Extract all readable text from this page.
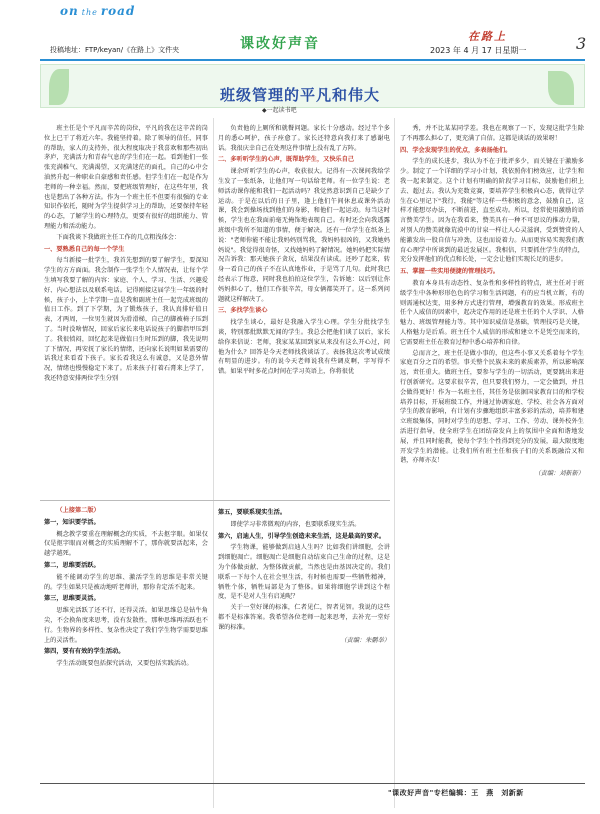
on the road
投稿地址：FTP/keyan/《在路上》文件夹	课改好声音	在路上
2023 年 4 月 17 日星期一	3
班级管理的平凡和伟大
◆一起读书吧

班主任是个平凡而辛苦的岗位，平凡的我在这辛苦的岗位上已干了将近六年。我能坚持着。除了领导的信任，同事的帮助，家人的支持外，很大程度取决于我喜欢和那些初出茅庐，充满活力和青春气息的学生们在一起。看到他们一张张充满稚气、充满渴望，又充满迷茫的面孔，自己的心中会油然升起一种职业自豪感和责任感。但学生们在一起是作为老师的一种幸福。然而，要把班级管理好，在这些年里，我也是想出了各种方法。作为一个班主任不但要有很强的专业知识作依托，随时为学生提供学习上的帮助，还要保持年轻的心态，了解学生的心理特点，更要有很好的组织能力、管理能力和活动能力。

下面我谈下我做班主任工作的几点粗浅体会：

一、要熟悉自己的每一个学生

每当新接一批学生，我首先想到的要了解学生，要深知学生的方方面面。我会制作一张学生个人情况表，让每个学生填写我要了解的内容：家庭、个人、学习、生活、兴趣爱好、内心想法以及联系电话。记得刚接这届学生一年级的时候，孩子小，上半学期一直是我和副班主任一起完成班级的值日工作。到了下学期，为了锻炼孩子，我认真排好值日表，才两周，一位男生就因为滑滑梯，自己的脚被椅子压到了。当时没啥情况，回家后家长来电话说孩子的脚指甲压到了。我很愤闷，回忆起来是做值日生时压到的脚，我先说明了下情况，再安抚了家长的情绪，还向家长说明如果需要的话我过来看看下孩子。家长看我这么有诚意，又是意外情况，情绪也慢慢稳定下来了。后来孩子打着石膏来上学了，我还特意安排两位学生分别

负责他的上厕所和就餐问题。家长十分感动。经过半个多月的悉心呵护，孩子痊愈了。家长还特意向我打来了感谢电话。我很庆幸自己在处理这件事情上没有乱了方阵。

二、多听听学生的心声，既帮助学生，又快乐自己

课余听听学生的心声，收获很大。记得有一次课间我给学生发了一张纸条，让他们写一句话给老师。有一位学生说：老师活动课你能和我们一起活动吗？我觉然意识到自己是缺少了运动。于是在以后的日子里，逢上他们午间休息或课外活动课，我会到操场找到他们的身影，和他们一起运动。每当这时候，学生也在我面前毫无掩饰地表现自己。有时还会向我透露班级中我所不知道的事情，便于解决。还有一位学生在纸条上说："老师你能不能让我妈妈别骂我，我妈妈很凶的，又我她妈妈说"。我觉得很奇怪，又找她妈妈了解情况。她妈妈把实际情况告诉我：那天她孩子贪玩，结果没有读成。还吵了起来，转身一看自己的孩子不在认真地作业，于是骂了几句。此时我已经表示了悔意，同时我也拍拍这位学生，告诉她：以后别让你妈妈担心了，他们工作很辛苦，母女俩都笑开了。这一系列问题就这样解决了。

三、多找学生谈心

找学生谈心，最好是我融入学生心理。学生分批找学生谈，特别那批默默无闻的学生。我总会把他们谈了以后，家长给你来信说：老师，我家某某回到家从来没有这么开心过，问他为什么？回答是今天老师找我谈话了。表扬我这次考试成绩有明显的进步。有的说今天老师说我有些调皮啊，字写得不错。如果平时多花点时间在学习英语上，你将很优

秀，并不比某某同学差。我也在观察了一下，发现这批学生除了不再那么担心了，更充满了自信。这都是谈话的效果呀！

四、学会发现学生的优点，多表扬他们。

学生的成长进步，我认为不在于批评多少，而关键在于激励多少。制定了一个详细的学习小计划，我依照你们榜效应，让学生和我一起来制定。这个计划有明确的阶段学习目标，鼓励他们积上去、超过去。我认为充数竞赛，要培养学生积极向心态，就得让学生在心里记下"我行，我能"等这样一些积极的意念，鼓励自己，这样才能想尽办法，不断前进，直至成功。所以，经常使用激励的语言赞美学生。因为在我看来，赞美具有一种不可思议的推动力量，对别人的赞美就像荒漠中的甘泉一样让人心灵滋润，受到赞赏的人能激发出一股自信与冲劲，这也而说着力。从而更容易实现我们教育心理学中所谈到的最近发展区。我相信，只要抓住学生的特点，充分发挥他们的优点和长处，一定会让他们实现长足的进步。

五、掌握一些实用便捷的管理技巧。

教育本身具有动态性、复杂性和多样性的特点，班主任对于班级学生中各种形形色色的学习和生活问题，有的应当机立断，有的则需通权达变，用多种方式进行管理，增强教育的效果。形成班主任个人威信的因素中，起决定作用的还是班主任的个人学识、人格魅力、班级管理能力等。其中知识威信是基础，管理技巧是关键，人格魅力是后盾。班主任个人威信的形成和建立不是凭空而来的，它需要班主任在教育过程中悉心培养和自律。

总而言之，班主任是做小事的，但这些小事又关系着每个学生家庭百分之百的希望。事关整个民族未来的素质素养，所以影响深远，责任重大。做班主任，要参与学生的一切活动，更要跳出来进行创新研究。这要求很辛苦，但只要我们努力，一定会做到，并且会做得更好！作为一名班主任，其任务是依据国家教育目的和学校培养目标，开展班级工作，并通过协调家庭、学校、社会各方面对学生的教育影响，有计划有步骤地组织丰富多彩的活动，培养和建立班级集体，同时对学生的思想、学习、工作、劳动、课外校外生活进行指导，使全班学生在团结奋发向上的氛围中全面和谐地发展，并且同时能教，使每个学生个性得到充分的发展，最大限度地开发学生的潜能。让我们所有班主任和孩子们的关系既融洽又和谐，亦师亦友！

（责编：刘新新）

（上接第二版）

第一，知识要学活。

概念教学要重在理解概念的实质，不去抠字眼。如果仅仅是抠字眼而对概念的实质理解不了，那你就要活起来，会越学越死。

第二，思维要活跃。

能不能调动学生的思维、激活学生的思维是非常关键的。学生如果只是被动地听老师讲，那你肯定活不起来。

第三，思维要灵活。

思维光活跃了还不行，还得灵活。如果思维总是钻牛角尖，不会换角度来思考，没有发散性，那种思维再活跃也不行。生物界的多样性、复杂性决定了我们学生物学需要思维上的灵活性。

第四，要有有效的学生活动。

学生活动既要包括探究活动，又要包括实践活动。

第五，要联系现实生活。

即使学习非常微观的内容，也要联系现实生活。

第六，启迪人生，引导学生创造未来生活，这是最高的要求。

学生物课，能够做到启迪人生吗？比如我们讲细胞，会讲到细胞凋亡。细胞凋亡是细胞自动结束自己生命的过程，这是为个体做贡献、为整体做贡献，当然也是由基因决定的。我们联系一下每个人在社会里生活，有时候也需要一些牺牲精神，牺牲个体，牺牲局部是为了整体。如果将细胞学讲到这个程度，是不是对人生有启迪呢？

关于一堂好课的标准，仁者见仁，智者见智。我说的这些都不是标准答案。我希望各位老师一起来思考，去补充一堂好课的标准。

（责编：朱鹏举）

"课改好声音"专栏编辑：王　燕　刘新新
